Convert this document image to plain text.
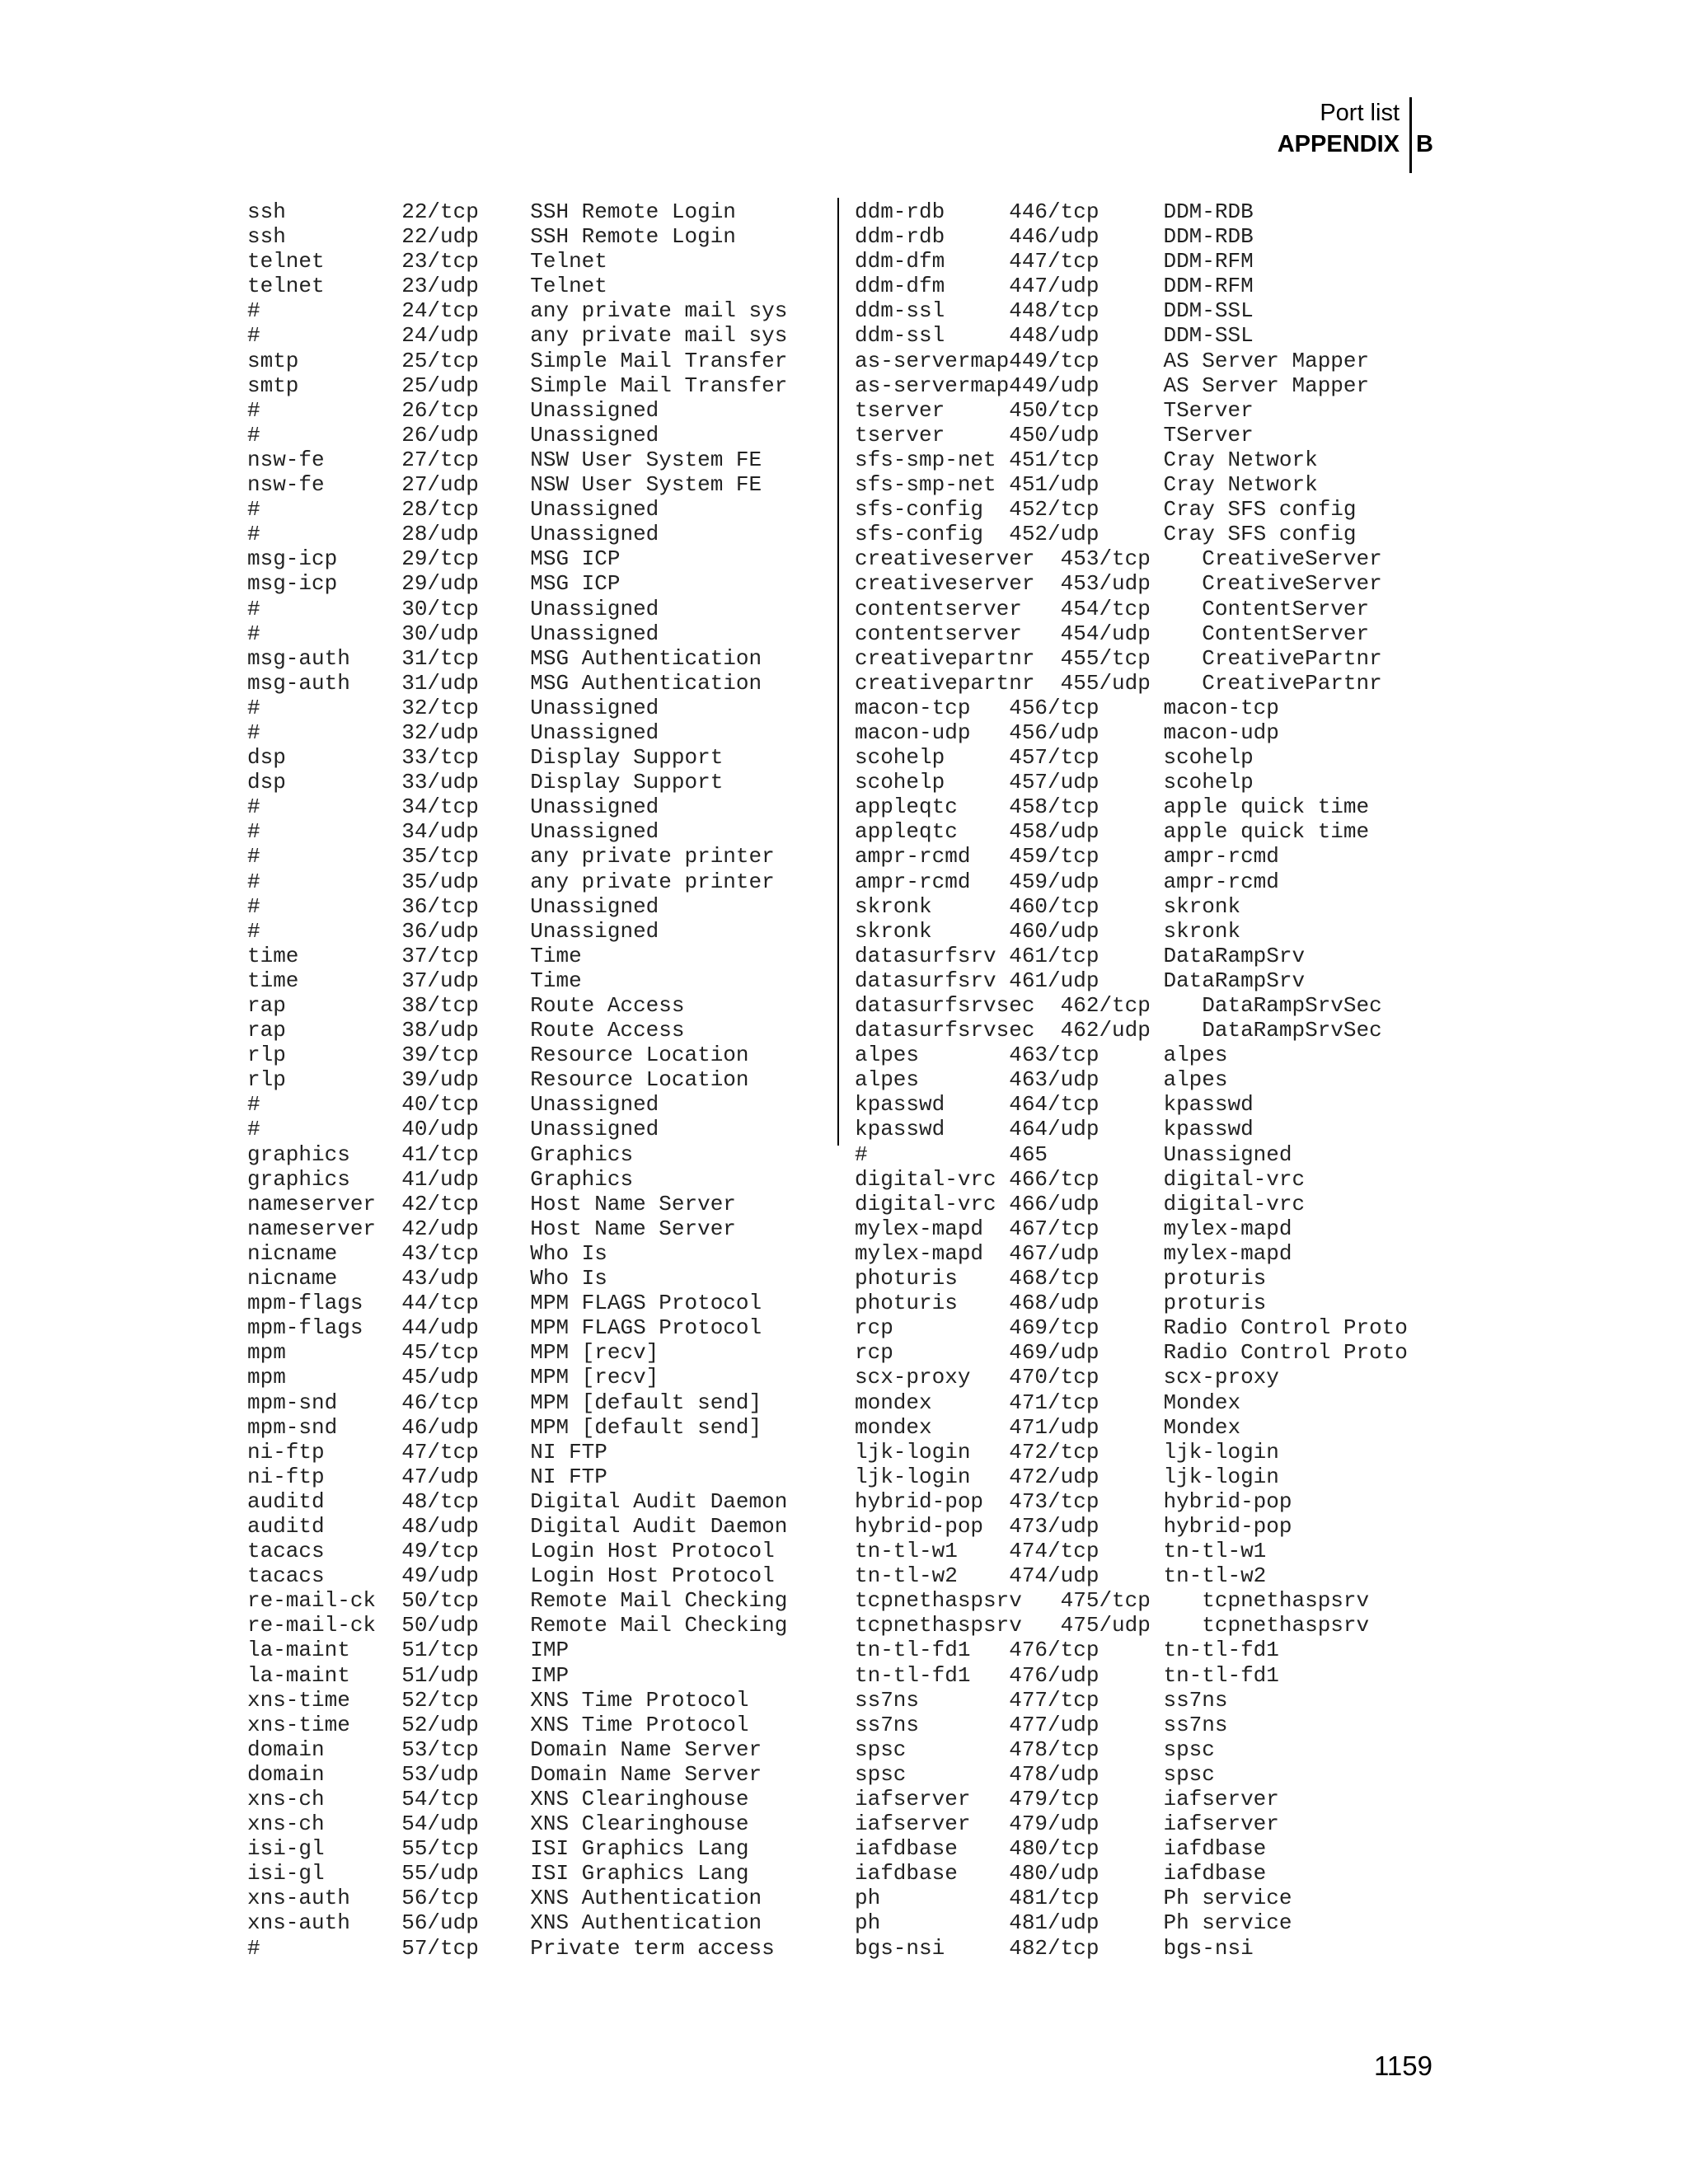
Port list
APPENDIX B
ssh         22/tcp    SSH Remote Login
ssh         22/udp    SSH Remote Login
telnet      23/tcp    Telnet
telnet      23/udp    Telnet
#           24/tcp    any private mail sys
#           24/udp    any private mail sys
smtp        25/tcp    Simple Mail Transfer
smtp        25/udp    Simple Mail Transfer
#           26/tcp    Unassigned
#           26/udp    Unassigned
nsw-fe      27/tcp    NSW User System FE
nsw-fe      27/udp    NSW User System FE
#           28/tcp    Unassigned
#           28/udp    Unassigned
msg-icp     29/tcp    MSG ICP
msg-icp     29/udp    MSG ICP
#           30/tcp    Unassigned
#           30/udp    Unassigned
msg-auth    31/tcp    MSG Authentication
msg-auth    31/udp    MSG Authentication
#           32/tcp    Unassigned
#           32/udp    Unassigned
dsp         33/tcp    Display Support
dsp         33/udp    Display Support
#           34/tcp    Unassigned
#           34/udp    Unassigned
#           35/tcp    any private printer
#           35/udp    any private printer
#           36/tcp    Unassigned
#           36/udp    Unassigned
time        37/tcp    Time
time        37/udp    Time
rap         38/tcp    Route Access
rap         38/udp    Route Access
rlp         39/tcp    Resource Location
rlp         39/udp    Resource Location
#           40/tcp    Unassigned
#           40/udp    Unassigned
graphics    41/tcp    Graphics
graphics    41/udp    Graphics
nameserver  42/tcp    Host Name Server
nameserver  42/udp    Host Name Server
nicname     43/tcp    Who Is
nicname     43/udp    Who Is
mpm-flags   44/tcp    MPM FLAGS Protocol
mpm-flags   44/udp    MPM FLAGS Protocol
mpm         45/tcp    MPM [recv]
mpm         45/udp    MPM [recv]
mpm-snd     46/tcp    MPM [default send]
mpm-snd     46/udp    MPM [default send]
ni-ftp      47/tcp    NI FTP
ni-ftp      47/udp    NI FTP
auditd      48/tcp    Digital Audit Daemon
auditd      48/udp    Digital Audit Daemon
tacacs      49/tcp    Login Host Protocol
tacacs      49/udp    Login Host Protocol
re-mail-ck  50/tcp    Remote Mail Checking
re-mail-ck  50/udp    Remote Mail Checking
la-maint    51/tcp    IMP
la-maint    51/udp    IMP
xns-time    52/tcp    XNS Time Protocol
xns-time    52/udp    XNS Time Protocol
domain      53/tcp    Domain Name Server
domain      53/udp    Domain Name Server
xns-ch      54/tcp    XNS Clearinghouse
xns-ch      54/udp    XNS Clearinghouse
isi-gl      55/tcp    ISI Graphics Lang
isi-gl      55/udp    ISI Graphics Lang
xns-auth    56/tcp    XNS Authentication
xns-auth    56/udp    XNS Authentication
#           57/tcp    Private term access
ddm-rdb     446/tcp     DDM-RDB
ddm-rdb     446/udp     DDM-RDB
ddm-dfm     447/tcp     DDM-RFM
ddm-dfm     447/udp     DDM-RFM
ddm-ssl     448/tcp     DDM-SSL
ddm-ssl     448/udp     DDM-SSL
as-servermap449/tcp     AS Server Mapper
as-servermap449/udp     AS Server Mapper
tserver     450/tcp     TServer
tserver     450/udp     TServer
sfs-smp-net 451/tcp     Cray Network
sfs-smp-net 451/udp     Cray Network
sfs-config  452/tcp     Cray SFS config
sfs-config  452/udp     Cray SFS config
creativeserver  453/tcp    CreativeServer
creativeserver  453/udp    CreativeServer
contentserver   454/tcp    ContentServer
contentserver   454/udp    ContentServer
creativepartnr  455/tcp    CreativePartnr
creativepartnr  455/udp    CreativePartnr
macon-tcp   456/tcp     macon-tcp
macon-udp   456/udp     macon-udp
scohelp     457/tcp     scohelp
scohelp     457/udp     scohelp
appleqtc    458/tcp     apple quick time
appleqtc    458/udp     apple quick time
ampr-rcmd   459/tcp     ampr-rcmd
ampr-rcmd   459/udp     ampr-rcmd
skronk      460/tcp     skronk
skronk      460/udp     skronk
datasurfsrv 461/tcp     DataRampSrv
datasurfsrv 461/udp     DataRampSrv
datasurfsrvsec  462/tcp    DataRampSrvSec
datasurfsrvsec  462/udp    DataRampSrvSec
alpes       463/tcp     alpes
alpes       463/udp     alpes
kpasswd     464/tcp     kpasswd
kpasswd     464/udp     kpasswd
#           465         Unassigned
digital-vrc 466/tcp     digital-vrc
digital-vrc 466/udp     digital-vrc
mylex-mapd  467/tcp     mylex-mapd
mylex-mapd  467/udp     mylex-mapd
photuris    468/tcp     proturis
photuris    468/udp     proturis
rcp         469/tcp     Radio Control Proto
rcp         469/udp     Radio Control Proto
scx-proxy   470/tcp     scx-proxy
mondex      471/tcp     Mondex
mondex      471/udp     Mondex
ljk-login   472/tcp     ljk-login
ljk-login   472/udp     ljk-login
hybrid-pop  473/tcp     hybrid-pop
hybrid-pop  473/udp     hybrid-pop
tn-tl-w1    474/tcp     tn-tl-w1
tn-tl-w2    474/udp     tn-tl-w2
tcpnethaspsrv   475/tcp    tcpnethaspsrv
tcpnethaspsrv   475/udp    tcpnethaspsrv
tn-tl-fd1   476/tcp     tn-tl-fd1
tn-tl-fd1   476/udp     tn-tl-fd1
ss7ns       477/tcp     ss7ns
ss7ns       477/udp     ss7ns
spsc        478/tcp     spsc
spsc        478/udp     spsc
iafserver   479/tcp     iafserver
iafserver   479/udp     iafserver
iafdbase    480/tcp     iafdbase
iafdbase    480/udp     iafdbase
ph          481/tcp     Ph service
ph          481/udp     Ph service
bgs-nsi     482/tcp     bgs-nsi
1159
